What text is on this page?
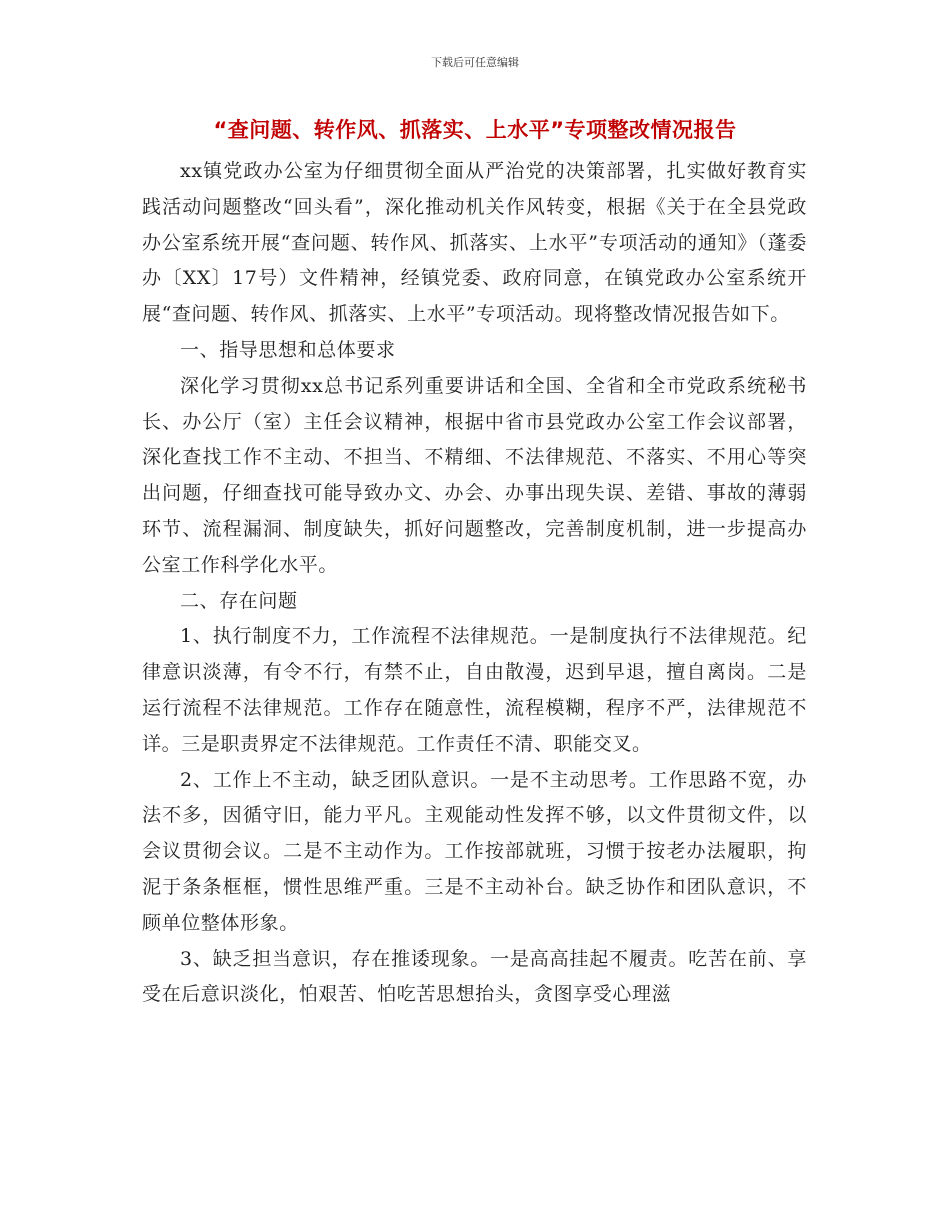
下载后可任意编辑
“查问题、转作风、抓落实、上水平”专项整改情况报告

xx镇党政办公室为仔细贯彻全面从严治党的决策部署，扎实做好教育实践活动问题整改“回头看”，深化推动机关作风转变，根据《关于在全县党政办公室系统开展“查问题、转作风、抓落实、上水平”专项活动的通知》（蓬委办〔XX〕17号）文件精神，经镇党委、政府同意，在镇党政办公室系统开展“查问题、转作风、抓落实、上水平”专项活动。现将整改情况报告如下。

一、指导思想和总体要求

深化学习贯彻xx总书记系列重要讲话和全国、全省和全市党政系统秘书长、办公厅（室）主任会议精神，根据中省市县党政办公室工作会议部署，深化查找工作不主动、不担当、不精细、不法律规范、不落实、不用心等突出问题，仔细查找可能导致办文、办会、办事出现失误、差错、事故的薄弱环节、流程漏洞、制度缺失，抓好问题整改，完善制度机制，进一步提高办公室工作科学化水平。

二、存在问题

1、执行制度不力，工作流程不法律规范。一是制度执行不法律规范。纪律意识淡薄，有令不行，有禁不止，自由散漫，迟到早退，擅自离岗。二是运行流程不法律规范。工作存在随意性，流程模糊，程序不严，法律规范不详。三是职责界定不法律规范。工作责任不清、职能交叉。

2、工作上不主动，缺乏团队意识。一是不主动思考。工作思路不宽，办法不多，因循守旧，能力平凡。主观能动性发挥不够，以文件贯彻文件，以会议贯彻会议。二是不主动作为。工作按部就班，习惯于按老办法履职，拘泥于条条框框，惯性思维严重。三是不主动补台。缺乏协作和团队意识，不顾单位整体形象。

3、缺乏担当意识，存在推诿现象。一是高高挂起不履责。吃苦在前、享受在后意识淡化，怕艰苦、怕吃苦思想抬头，贪图享受心理滋
